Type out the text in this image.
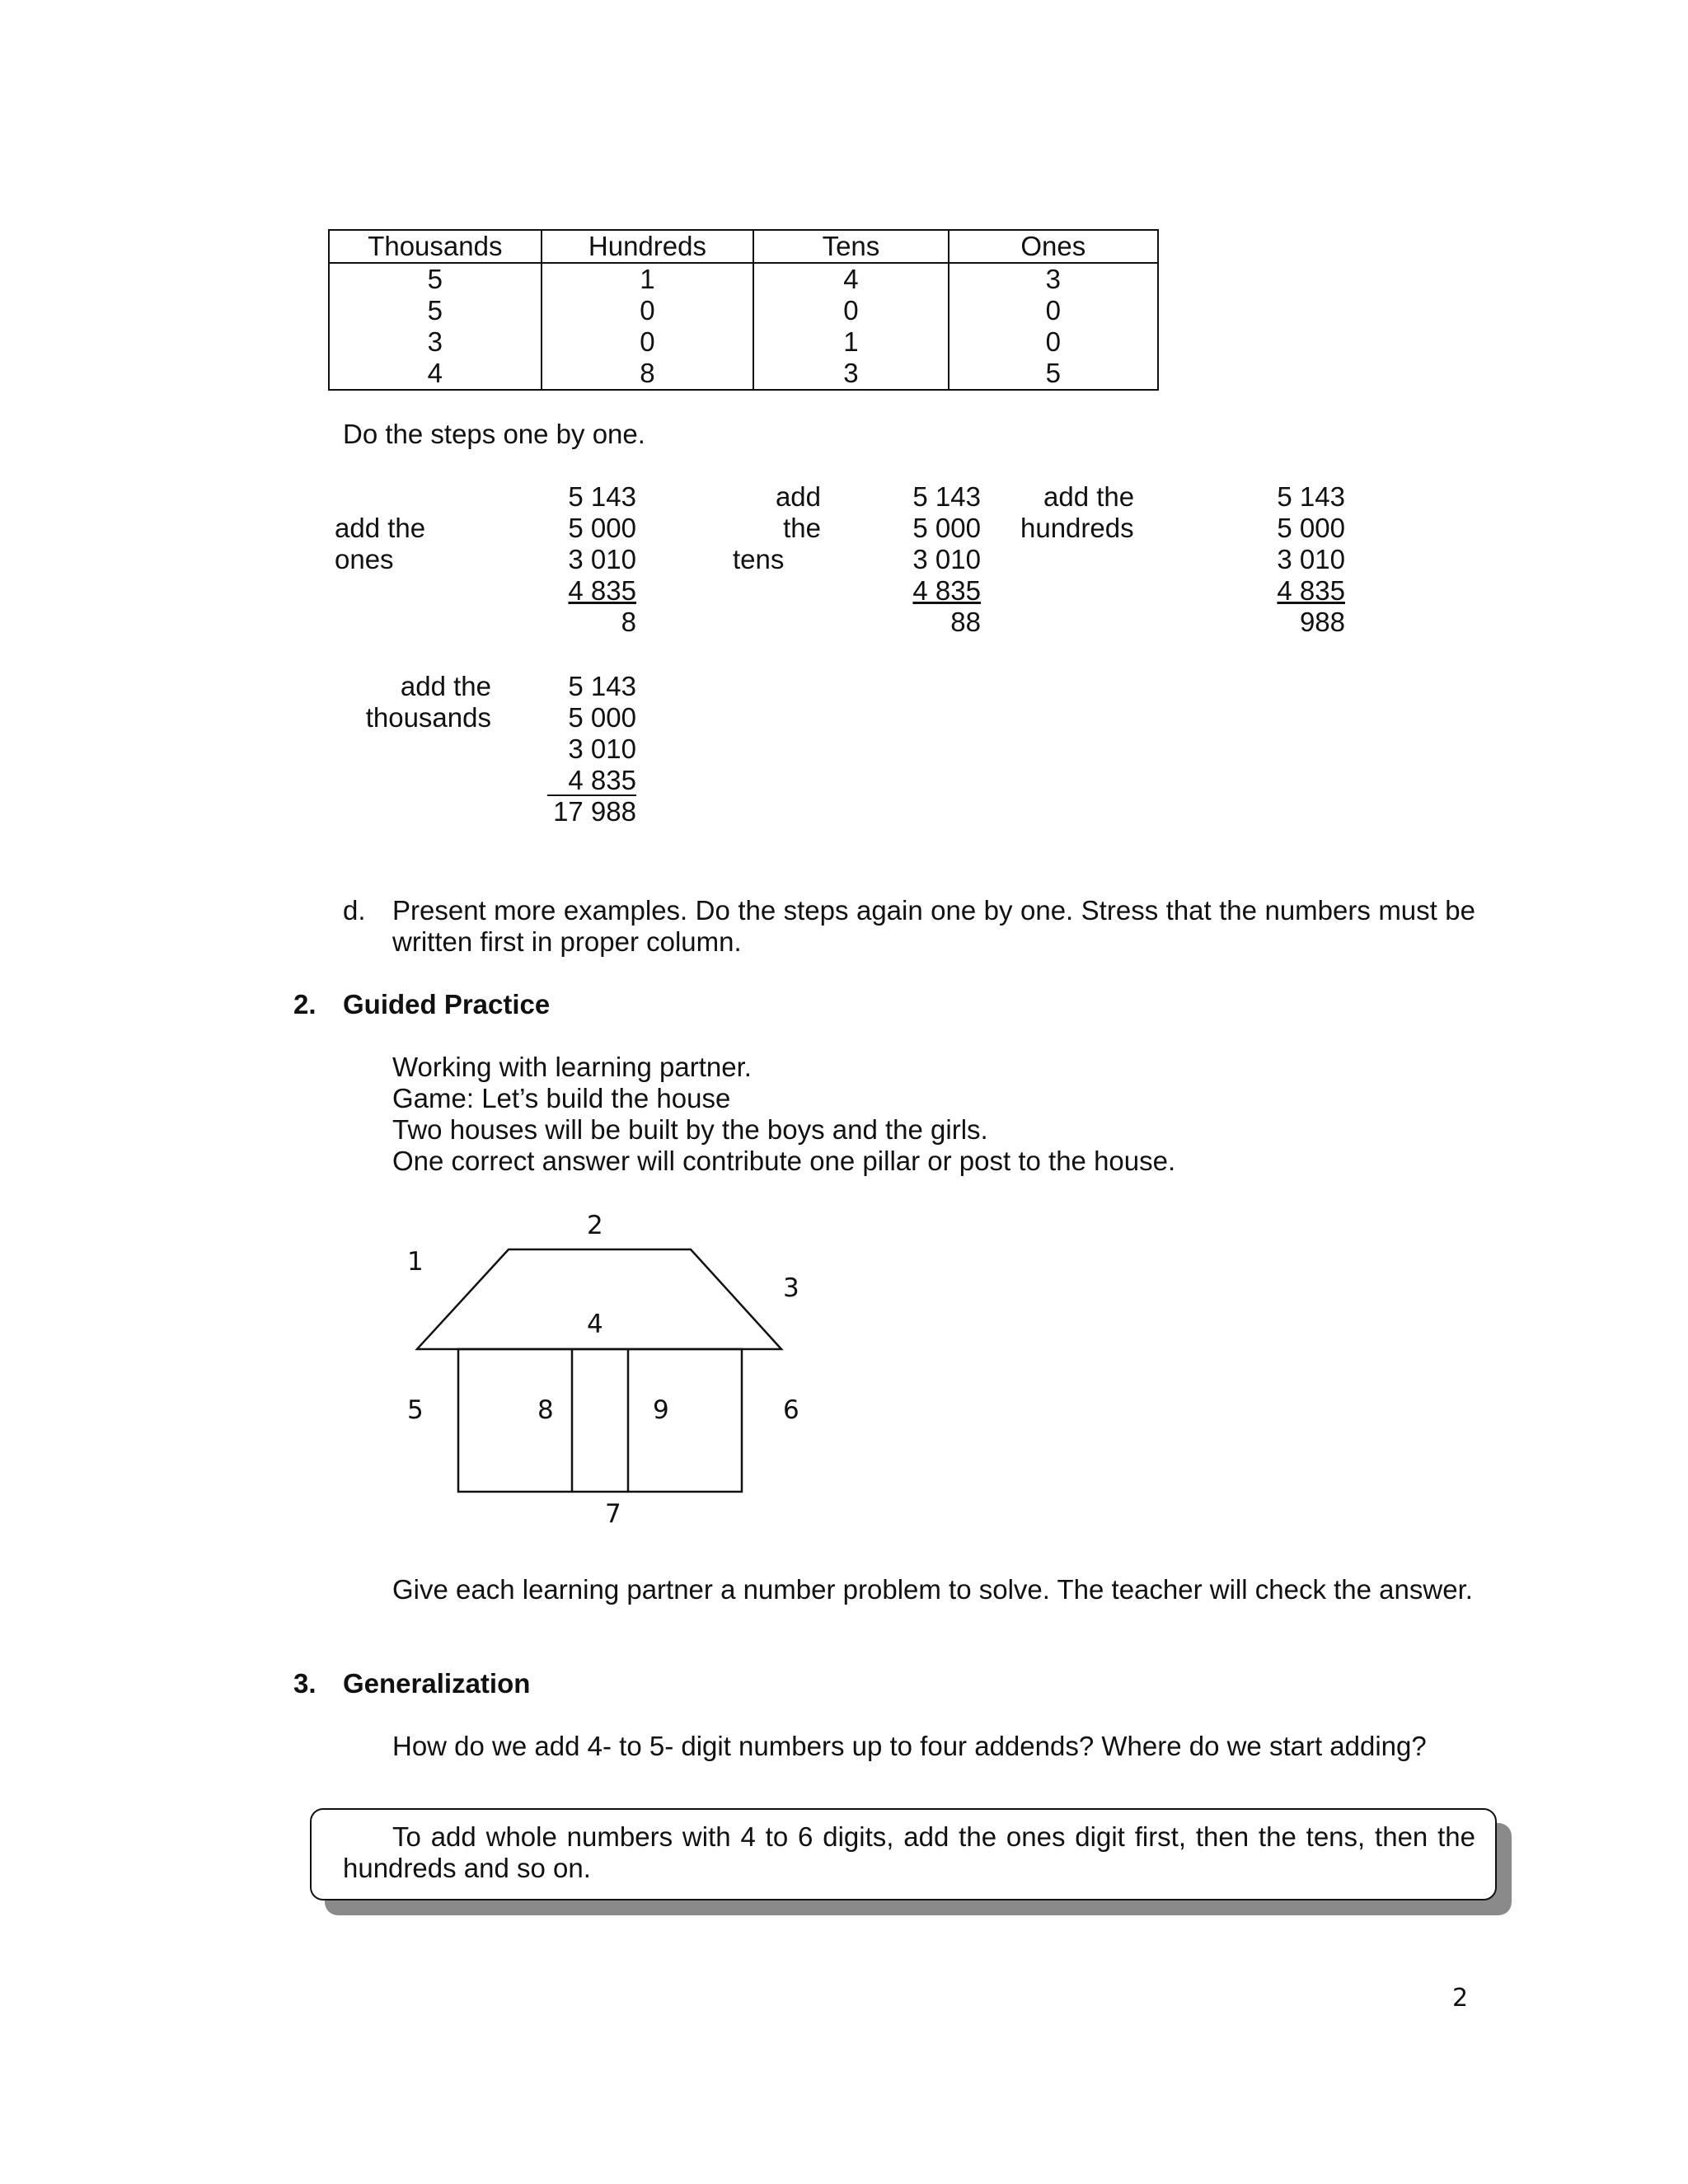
Thousands	Hundreds	Tens	Ones
5	1	4	3
5	0	0	0
3	0	1	0
4	8	3	5
Do the steps one by one.
add the
ones
5 143
5 000
3 010
4 835
8
add
the
tens
5 143
5 000
3 010
4 835
88
add the
hundreds
5 143
5 000
3 010
4 835
988
add the
thousands
5 143
5 000
3 010
4 835
17 988
d. Present more examples. Do the steps again one by one. Stress that the numbers must be written first in proper column.
2. Guided Practice
Working with learning partner.
Game: Let’s build the house
Two houses will be built by the boys and the girls.
One correct answer will contribute one pillar or post to the house.
1
2
3
4
5	6
7
8	9
Give each learning partner a number problem to solve. The teacher will check the answer.
3. Generalization
How do we add 4- to 5- digit numbers up to four addends? Where do we start adding?
To add whole numbers with 4 to 6 digits, add the ones digit first, then the tens, then the hundreds and so on.
2
